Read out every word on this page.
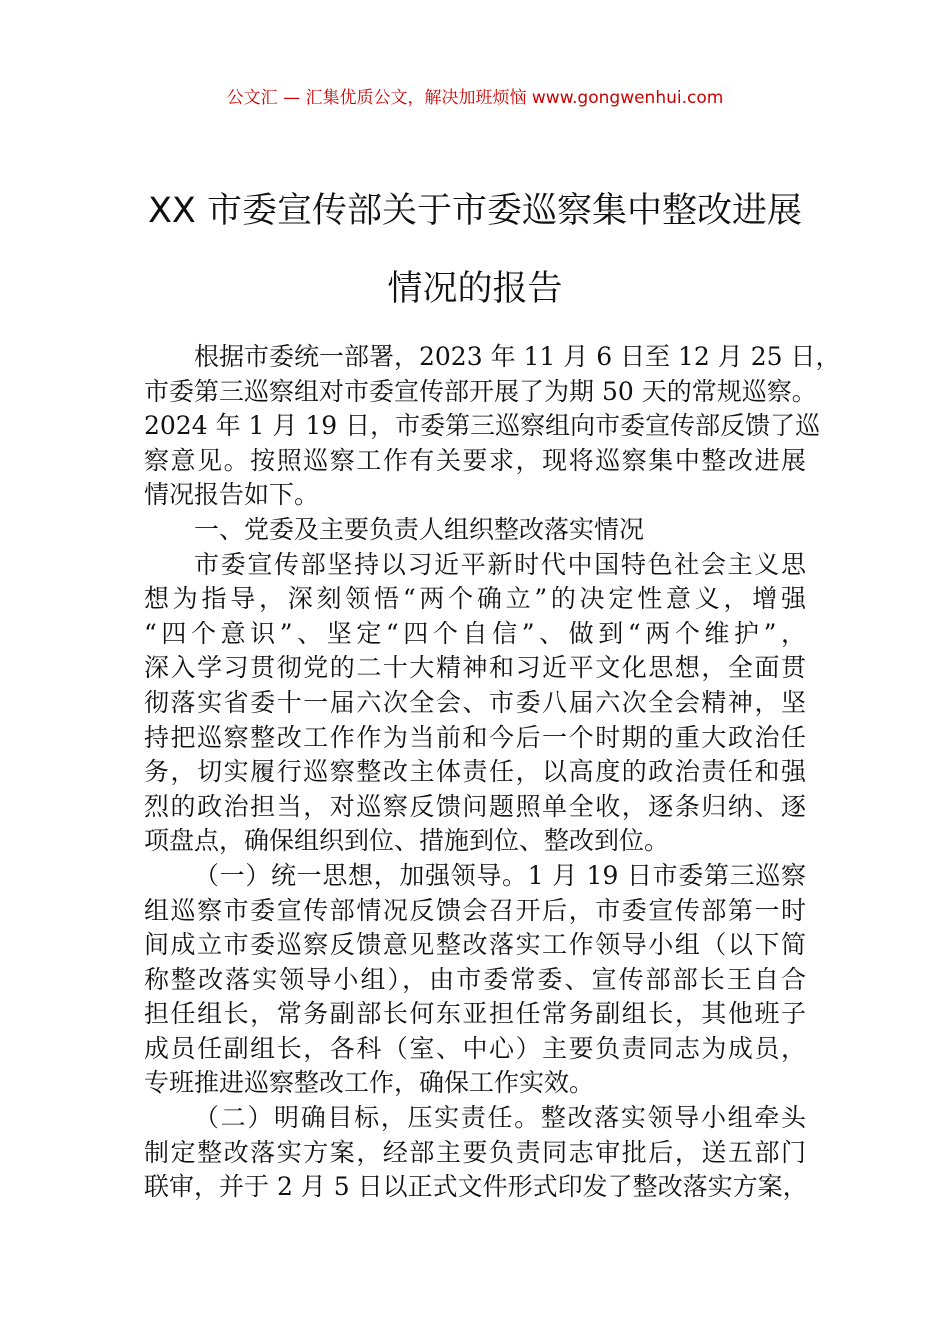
公文汇 — 汇集优质公文，解决加班烦恼 www.gongwenhui.com
XX 市委宣传部关于市委巡察集中整改进展
情况的报告
根据市委统一部署，2023 年 11 月 6 日至 12 月 25 日，
市委第三巡察组对市委宣传部开展了为期 50 天的常规巡察。
2024 年 1 月 19 日，市委第三巡察组向市委宣传部反馈了巡
察意见。按照巡察工作有关要求，现将巡察集中整改进展
情况报告如下。
一、党委及主要负责人组织整改落实情况
市委宣传部坚持以习近平新时代中国特色社会主义思
想为指导，深刻领悟“两个确立”的决定性意义，增强
“四个意识”、坚定“四个自信”、做到“两个维护”，
深入学习贯彻党的二十大精神和习近平文化思想，全面贯
彻落实省委十一届六次全会、市委八届六次全会精神，坚
持把巡察整改工作作为当前和今后一个时期的重大政治任
务，切实履行巡察整改主体责任，以高度的政治责任和强
烈的政治担当，对巡察反馈问题照单全收，逐条归纳、逐
项盘点，确保组织到位、措施到位、整改到位。
（一）统一思想，加强领导。1 月 19 日市委第三巡察
组巡察市委宣传部情况反馈会召开后，市委宣传部第一时
间成立市委巡察反馈意见整改落实工作领导小组（以下简
称整改落实领导小组），由市委常委、宣传部部长王自合
担任组长，常务副部长何东亚担任常务副组长，其他班子
成员任副组长，各科（室、中心）主要负责同志为成员，
专班推进巡察整改工作，确保工作实效。
（二）明确目标，压实责任。整改落实领导小组牵头
制定整改落实方案，经部主要负责同志审批后，送五部门
联审，并于 2 月 5 日以正式文件形式印发了整改落实方案，
